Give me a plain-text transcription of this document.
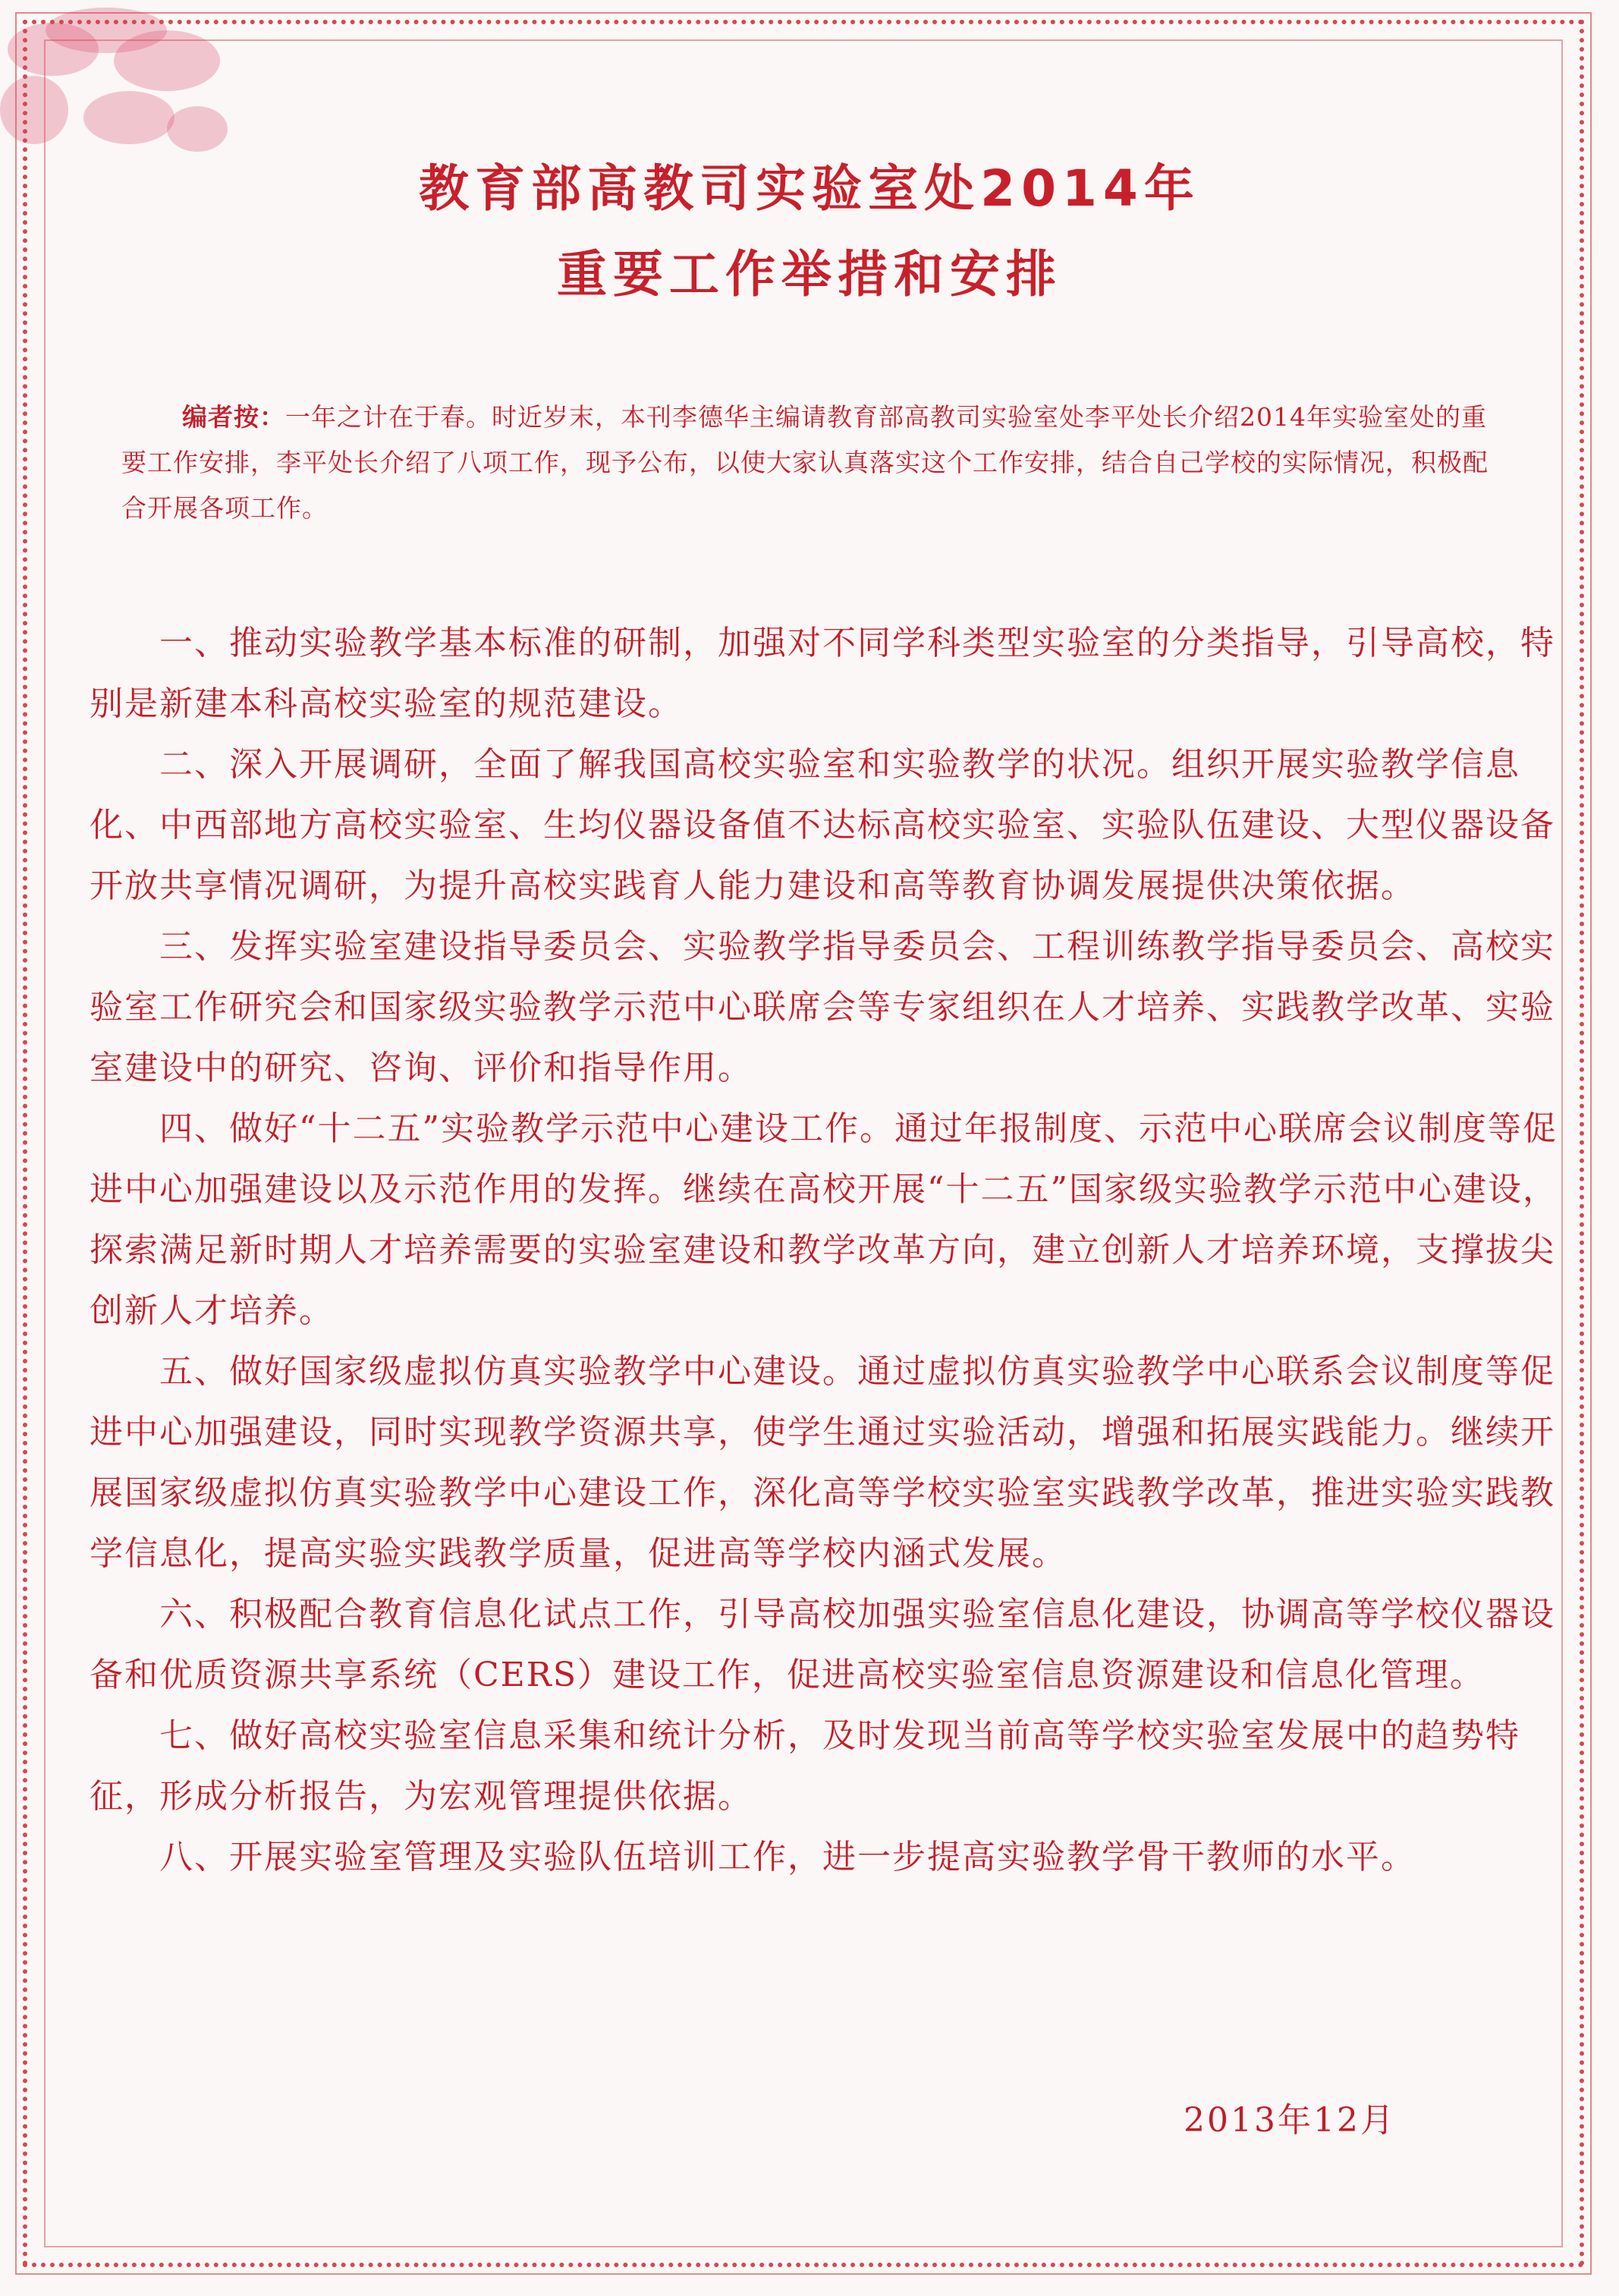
教育部高教司实验室处2014年
重要工作举措和安排
编者按：一年之计在于春。时近岁末，本刊李德华主编请教育部高教司实验室处李平处长介绍2014年实验室处的重要工作安排，李平处长介绍了八项工作，现予公布，以使大家认真落实这个工作安排，结合自己学校的实际情况，积极配合开展各项工作。

一、推动实验教学基本标准的研制，加强对不同学科类型实验室的分类指导，引导高校，特别是新建本科高校实验室的规范建设。

二、深入开展调研，全面了解我国高校实验室和实验教学的状况。组织开展实验教学信息化、中西部地方高校实验室、生均仪器设备值不达标高校实验室、实验队伍建设、大型仪器设备开放共享情况调研，为提升高校实践育人能力建设和高等教育协调发展提供决策依据。

三、发挥实验室建设指导委员会、实验教学指导委员会、工程训练教学指导委员会、高校实验室工作研究会和国家级实验教学示范中心联席会等专家组织在人才培养、实践教学改革、实验室建设中的研究、咨询、评价和指导作用。

四、做好“十二五”实验教学示范中心建设工作。通过年报制度、示范中心联席会议制度等促进中心加强建设以及示范作用的发挥。继续在高校开展“十二五”国家级实验教学示范中心建设，探索满足新时期人才培养需要的实验室建设和教学改革方向，建立创新人才培养环境，支撑拔尖创新人才培养。

五、做好国家级虚拟仿真实验教学中心建设。通过虚拟仿真实验教学中心联系会议制度等促进中心加强建设，同时实现教学资源共享，使学生通过实验活动，增强和拓展实践能力。继续开展国家级虚拟仿真实验教学中心建设工作，深化高等学校实验室实践教学改革，推进实验实践教学信息化，提高实验实践教学质量，促进高等学校内涵式发展。

六、积极配合教育信息化试点工作，引导高校加强实验室信息化建设，协调高等学校仪器设备和优质资源共享系统（CERS）建设工作，促进高校实验室信息资源建设和信息化管理。

七、做好高校实验室信息采集和统计分析，及时发现当前高等学校实验室发展中的趋势特征，形成分析报告，为宏观管理提供依据。

八、开展实验室管理及实验队伍培训工作，进一步提高实验教学骨干教师的水平。

2013年12月
